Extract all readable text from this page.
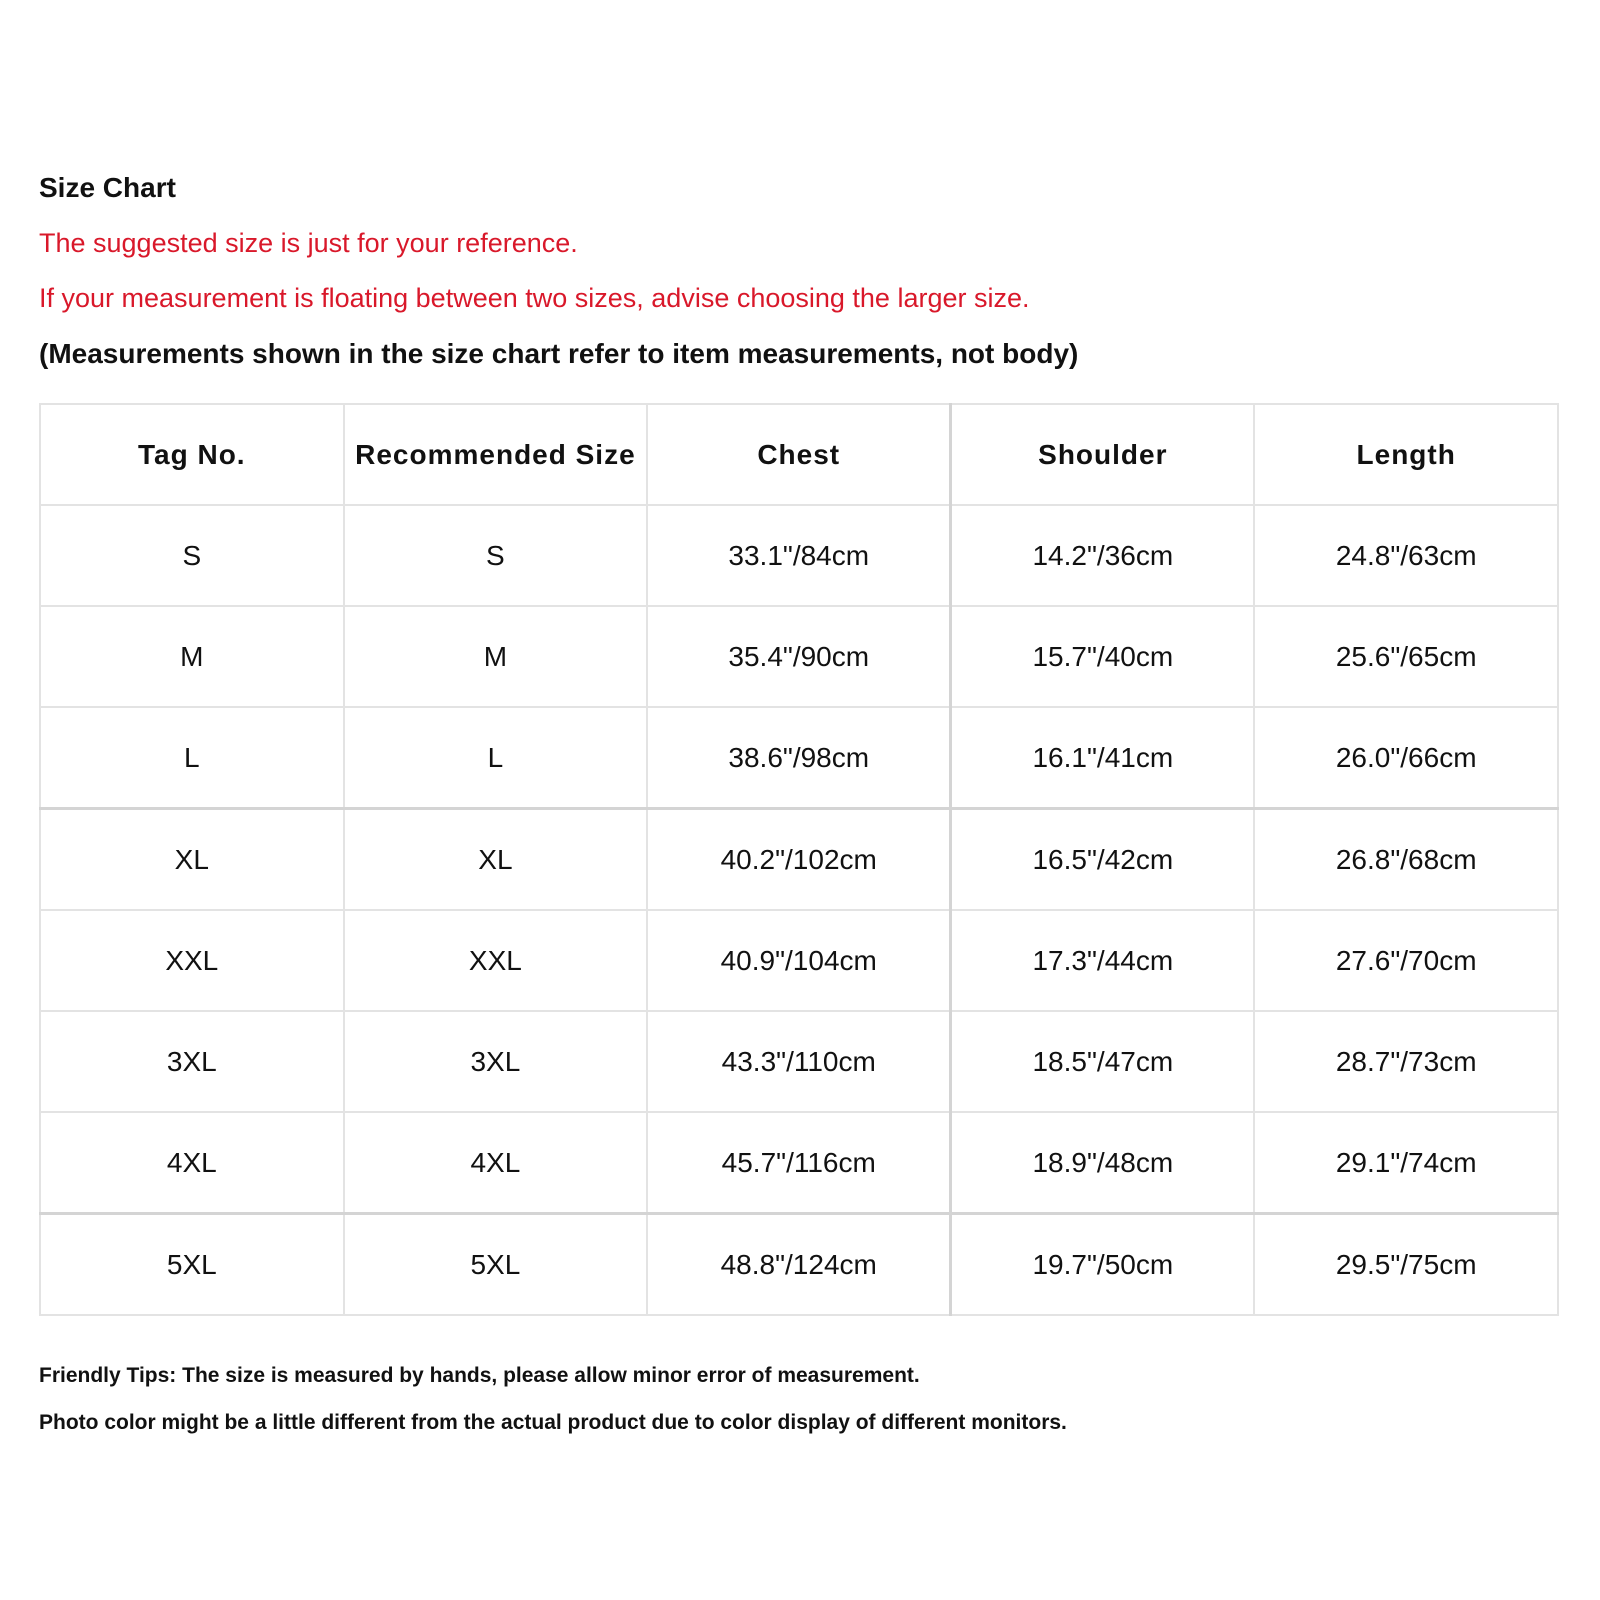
Size Chart
The suggested size is just for your reference.
If your measurement is floating between two sizes, advise choosing the larger size.
(Measurements shown in the size chart refer to item measurements, not body)
Tag No.	Recommended Size	Chest	Shoulder	Length
S	S	33.1"/84cm	14.2"/36cm	24.8"/63cm
M	M	35.4"/90cm	15.7"/40cm	25.6"/65cm
L	L	38.6"/98cm	16.1"/41cm	26.0"/66cm
XL	XL	40.2"/102cm	16.5"/42cm	26.8"/68cm
XXL	XXL	40.9"/104cm	17.3"/44cm	27.6"/70cm
3XL	3XL	43.3"/110cm	18.5"/47cm	28.7"/73cm
4XL	4XL	45.7"/116cm	18.9"/48cm	29.1"/74cm
5XL	5XL	48.8"/124cm	19.7"/50cm	29.5"/75cm
Friendly Tips: The size is measured by hands, please allow minor error of measurement.
Photo color might be a little different from the actual product due to color display of different monitors.
